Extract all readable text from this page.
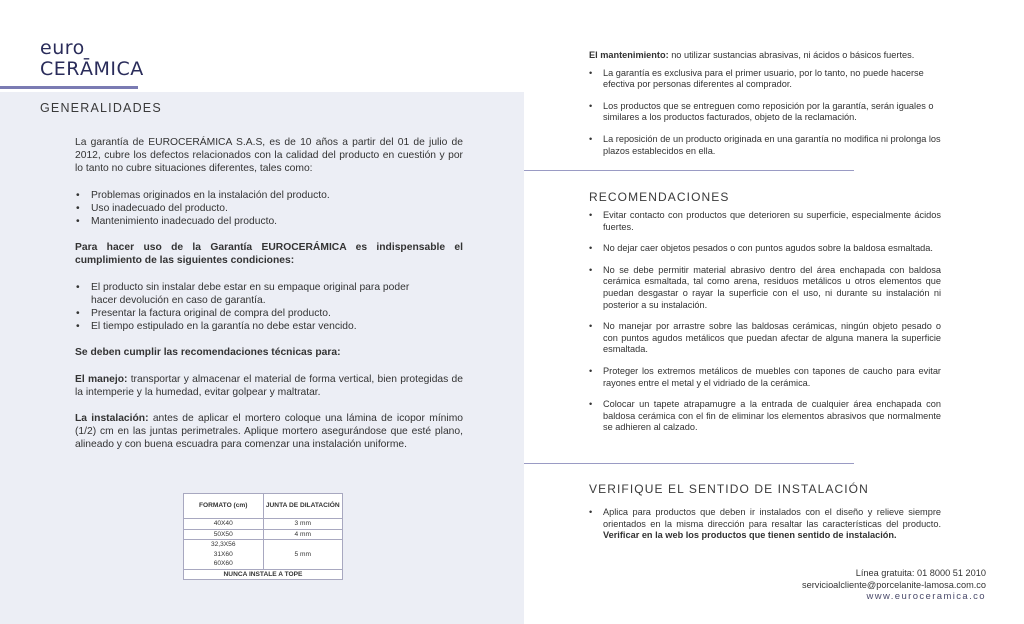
euro
CERĀMICA
GENERALIDADES

La garantía de EUROCERÁMICA S.A.S, es de 10 años a partir del 01 de julio de 2012, cubre los defectos relacionados con la calidad del producto en cuestión y por lo tanto no cubre situaciones diferentes, tales como:

• Problemas originados en la instalación del producto.
• Uso inadecuado del producto.
• Mantenimiento inadecuado del producto.

Para hacer uso de la Garantía EUROCERÁMICA es indispensable el cumplimiento de las siguientes condiciones:

• El producto sin instalar debe estar en su empaque original para poder hacer devolución en caso de garantía.
• Presentar la factura original de compra del producto.
• El tiempo estipulado en la garantía no debe estar vencido.

Se deben cumplir las recomendaciones técnicas para:

El manejo: transportar y almacenar el material de forma vertical, bien protegidas de la intemperie y la humedad, evitar golpear y maltratar.

La instalación: antes de aplicar el mortero coloque una lámina de icopor mínimo (1/2) cm en las juntas perimetrales. Aplique mortero asegurándose que esté plano, alineado y con buena escuadra para comenzar una instalación uniforme.

FORMATO (cm)	JUNTA DE DILATACIÓN
40X40	3 mm
50X50	4 mm

32,3X56
31X60
60X60	5 mm
NUNCA INSTALE A TOPE	
El mantenimiento: no utilizar sustancias abrasivas, ni ácidos o básicos fuertes.
• La garantía es exclusiva para el primer usuario, por lo tanto, no puede hacerse efectiva por personas diferentes al comprador.
• Los productos que se entreguen como reposición por la garantía, serán iguales o similares a los productos facturados, objeto de la reclamación.
• La reposición de un producto originada en una garantía no modifica ni prolonga los plazos establecidos en ella.
RECOMENDACIONES
• Evitar contacto con productos que deterioren su superficie, especialmente ácidos fuertes.
• No dejar caer objetos pesados o con puntos agudos sobre la baldosa esmaltada.
• No se debe permitir material abrasivo dentro del área enchapada con baldosa cerámica esmaltada, tal como arena, residuos metálicos u otros elementos que puedan desgastar o rayar la superficie con el uso, ni durante su instalación ni posterior a su instalación.
• No manejar por arrastre sobre las baldosas cerámicas, ningún objeto pesado o con puntos agudos metálicos que puedan afectar de alguna manera la superficie esmaltada.
• Proteger los extremos metálicos de muebles con tapones de caucho para evitar rayones entre el metal y el vidriado de la cerámica.
• Colocar un tapete atrapamugre a la entrada de cualquier área enchapada con baldosa cerámica con el fin de eliminar los elementos abrasivos que normalmente se adhieren al calzado.
VERIFIQUE EL SENTIDO DE INSTALACIÓN
• Aplica para productos que deben ir instalados con el diseño y relieve siempre orientados en la misma dirección para resaltar las características del producto. Verificar en la web los productos que tienen sentido de instalación.
Línea gratuita: 01 8000 51 2010
servicioalcliente@porcelanite-lamosa.com.co
www.euroceramica.co
